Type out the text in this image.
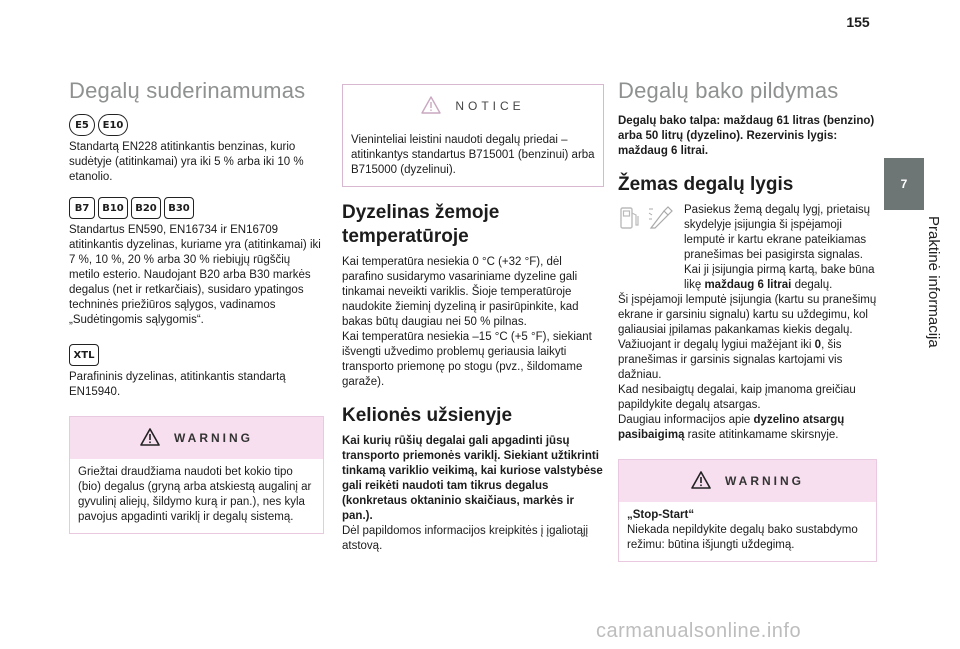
155
7
Praktinė informacija
Degalų suderinamumas
E5	E10

Standartą EN228 atitinkantis benzinas, kurio sudėtyje (atitinkamai) yra iki 5 % arba iki 10 % etanolio.

B7	B10	B20	B30

Standartus EN590, EN16734 ir EN16709 atitinkantis dyzelinas, kuriame yra (atitinkamai) iki 7 %, 10 %, 20 % arba 30 % riebiųjų rūgščių metilo esterio. Naudojant B20 arba B30 markės degalus (net ir retkarčiais), susidaro ypatingos techninės priežiūros sąlygos, vadinamos „Sudėtingomis sąlygomis“.

XTL

Parafininis dyzelinas, atitinkantis standartą EN15940.

WARNING
Griežtai draudžiama naudoti bet kokio tipo (bio) degalus (gryną arba atskiestą augalinį ar gyvulinį aliejų, šildymo kurą ir pan.), nes kyla pavojus apgadinti variklį ir degalų sistemą.
NOTICE
Vieninteliai leistini naudoti degalų priedai – atitinkantys standartus B715001 (benzinui) arba B715000 (dyzelinui).
Dyzelinas žemoje temperatūroje

Kai temperatūra nesiekia 0 °C (+32 °F), dėl parafino susidarymo vasariniame dyzeline gali tinkamai neveikti variklis. Šioje temperatūroje naudokite žieminį dyzeliną ir pasirūpinkite, kad bakas būtų daugiau nei 50 % pilnas.

Kai temperatūra nesiekia –15 °C (+5 °F), siekiant išvengti užvedimo problemų geriausia laikyti transporto priemonę po stogu (pvz., šildomame garaže).

Kelionės užsienyje

Kai kurių rūšių degalai gali apgadinti jūsų transporto priemonės variklį. Siekiant užtikrinti tinkamą variklio veikimą, kai kuriose valstybėse gali reikėti naudoti tam tikrus degalus (konkretaus oktaninio skaičiaus, markės ir pan.).

Dėl papildomos informacijos kreipkitės į įgaliotąjį atstovą.

Degalų bako pildymas

Degalų bako talpa: maždaug 61 litras (benzino) arba 50 litrų (dyzelino). Rezervinis lygis: maždaug 6 litrai.

Žemas degalų lygis

Pasiekus žemą degalų lygį, prietaisų skydelyje įsijungia ši įspėjamoji lemputė ir kartu ekrane pateikiamas pranešimas bei pasigirsta signalas. Kai ji įsijungia pirmą kartą, bake būna likę maždaug 6 litrai degalų.

Ši įspėjamoji lemputė įsijungia (kartu su pranešimų ekrane ir garsiniu signalu) kartu su uždegimu, kol galiausiai įpilamas pakankamas kiekis degalų. Važiuojant ir degalų lygiui mažėjant iki 0, šis pranešimas ir garsinis signalas kartojami vis dažniau.

Kad nesibaigtų degalai, kaip įmanoma greičiau papildykite degalų atsargas.

Daugiau informacijos apie dyzelino atsargų pasibaigimą rasite atitinkamame skirsnyje.

WARNING
„Stop-Start“
Niekada nepildykite degalų bako sustabdymo režimu: būtina išjungti uždegimą.
carmanualsonline.info
